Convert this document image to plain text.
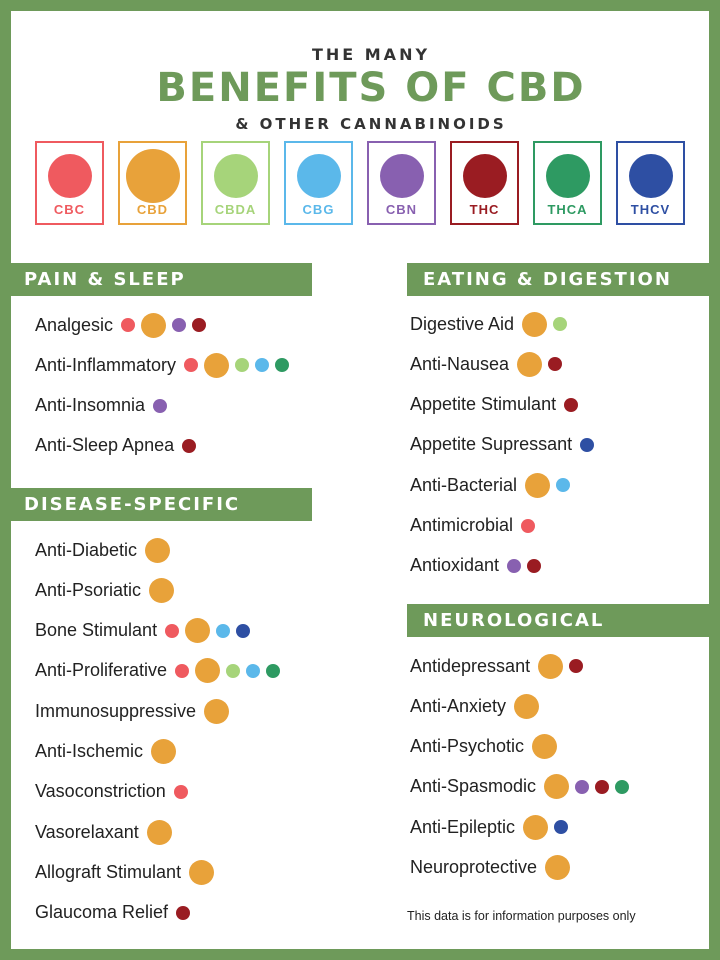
THE MANY
BENEFITS OF CBD
& OTHER CANNABINOIDS
CBC	CBD	CBDA	CBG	CBN	THC	THCA	THCV
PAIN & SLEEP
DISEASE-SPECIFIC
EATING & DIGESTION
NEUROLOGICAL
Analgesic
Anti-Inflammatory
Anti-Insomnia
Anti-Sleep Apnea
Anti-Diabetic
Anti-Psoriatic
Bone Stimulant
Anti-Proliferative
Immunosuppressive
Anti-Ischemic
Vasoconstriction
Vasorelaxant
Allograft Stimulant
Glaucoma Relief
Digestive Aid
Anti-Nausea
Appetite Stimulant
Appetite Supressant
Anti-Bacterial
Antimicrobial
Antioxidant
Antidepressant
Anti-Anxiety
Anti-Psychotic
Anti-Spasmodic
Anti-Epileptic
Neuroprotective
This data is for information purposes only
